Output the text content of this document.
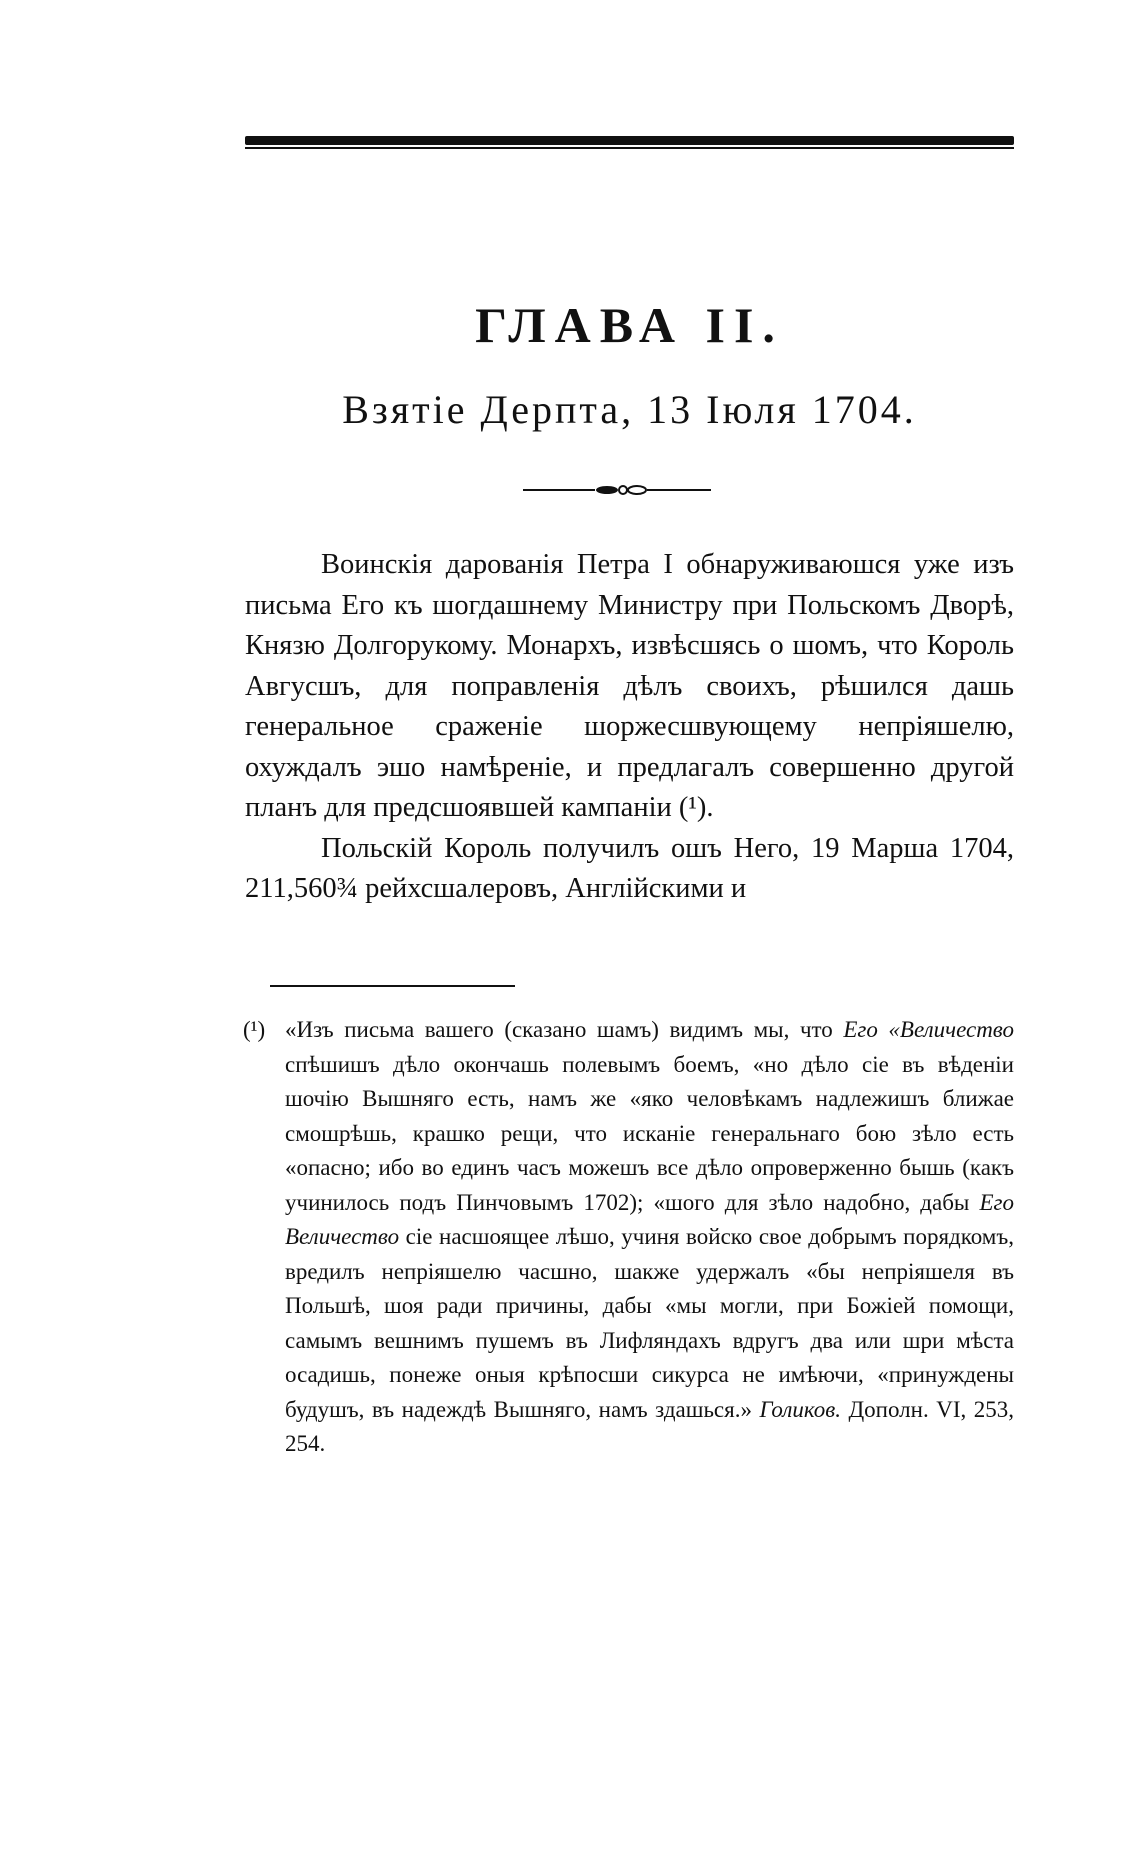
ГЛАВА II.
Взятіе Дерпта, 13 Іюля 1704.

Воинскія дарованія Петра I обнаруживаюшся уже изъ письма Его къ шогдашнему Министру при Польскомъ Дворѣ, Князю Долгорукому. Монархъ, извѣсшясь о шомъ, что Король Авгусшъ, для поправленія дѣлъ своихъ, рѣшился дашь генеральное сраженіе шоржесшвующему непріяшелю, охуждалъ эшо намѣреніе, и предлагалъ совершенно другой планъ для предсшоявшей кампаніи (¹).

Польскій Король получилъ ошъ Него, 19 Марша 1704, 211,560¾ рейхсшалеровъ, Англійскими и

(¹) «Изъ письма вашего (сказано шамъ) видимъ мы, что Его «Величество спѣшишъ дѣло окончашь полевымъ боемъ, «но дѣло сіе въ вѣденіи шочію Вышняго есть, намъ же «яко человѣкамъ надлежишъ ближае смошрѣшь, крашко рещи, что исканіе генеральнаго бою зѣло есть «опасно; ибо во единъ часъ можешъ все дѣло опроверженно бышь (какъ учинилось подъ Пинчовымъ 1702); «шого для зѣло надобно, дабы Его Величество сіе насшоящее лѣшо, учиня войско свое добрымъ порядкомъ, вредилъ непріяшелю часшно, шакже удержалъ «бы непріяшеля въ Польшѣ, шоя ради причины, дабы «мы могли, при Божіей помощи, самымъ вешнимъ пушемъ въ Лифляндахъ вдругъ два или шри мѣста осадишь, понеже оныя крѣпосши сикурса не имѣючи, «принуждены будушъ, въ надеждѣ Вышняго, намъ здашься.» Голиков. Дополн. VI, 253, 254.
